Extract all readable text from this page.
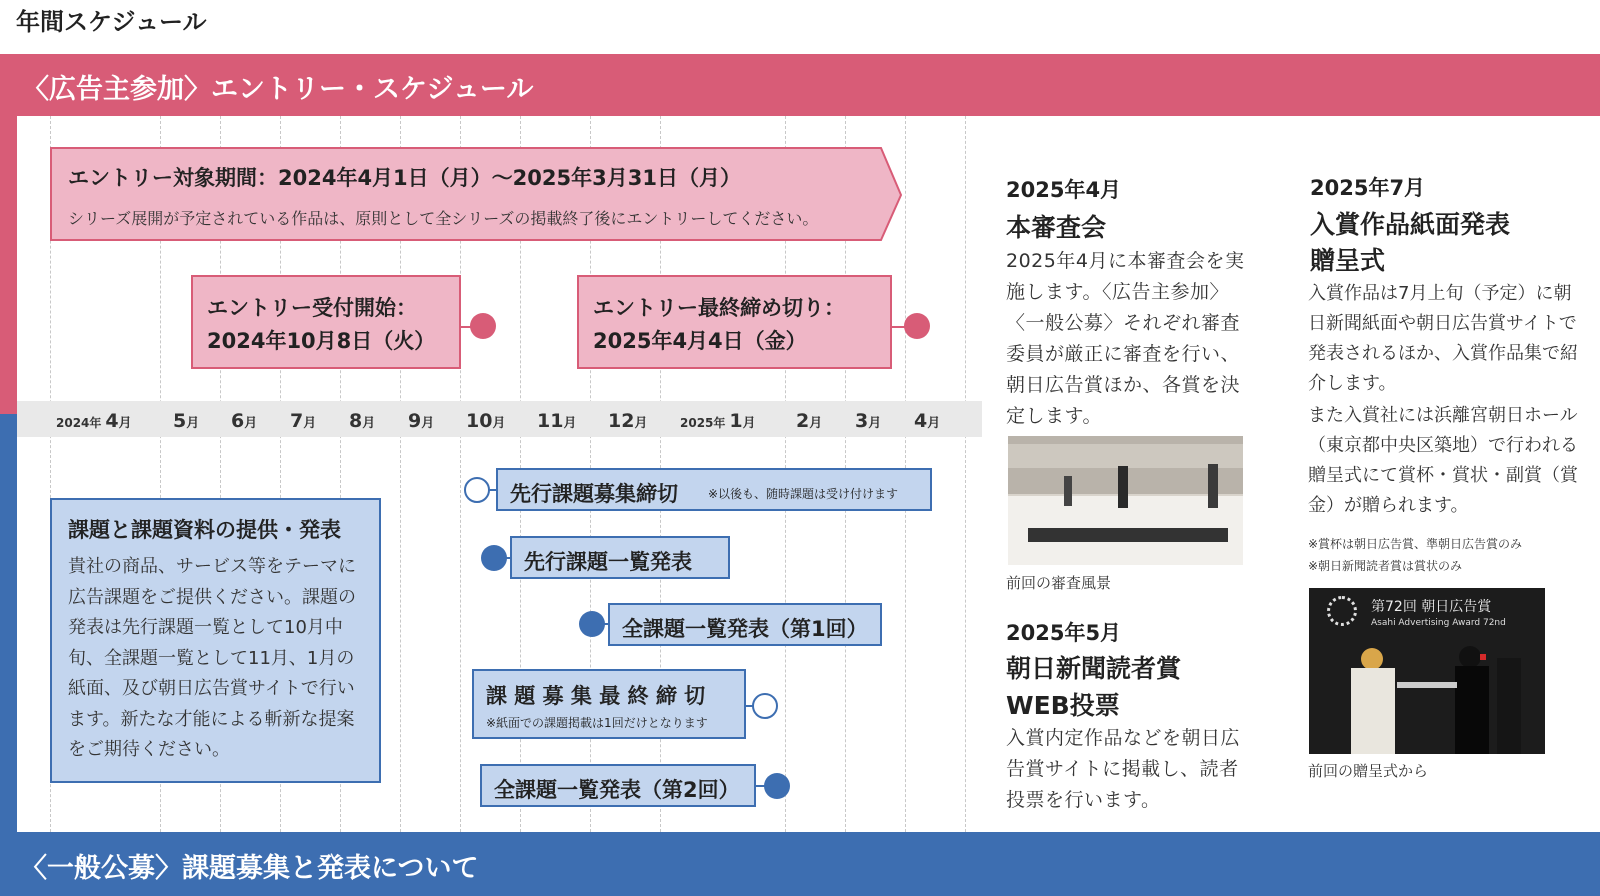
年間スケジュール
〈広告主参加〉エントリー・スケジュール
〈一般公募〉課題募集と発表について
2024年 4月 5月 6月 7月 8月 9月 10月 11月 12月	2025年 1月 2月 3月 4月
エントリー対象期間：2024年4月1日（月）～2025年3月31日（月）
シリーズ展開が予定されている作品は、原則として全シリーズの掲載終了後にエントリーしてください。
エントリー受付開始：
2024年10月8日（火）
エントリー最終締め切り：
2025年4月4日（金）
課題と課題資料の提供・発表
貴社の商品、サービス等をテーマに広告課題をご提供ください。課題の発表は先行課題一覧として10月中旬、全課題一覧として11月、1月の紙面、及び朝日広告賞サイトで行います。新たな才能による斬新な提案をご期待ください。
先行課題募集締切	※以後も、随時課題は受け付けます
先行課題一覧発表
全課題一覧発表（第1回）
課 題 募 集 最 終 締 切
※紙面での課題掲載は1回だけとなります
全課題一覧発表（第2回）
2025年4月
本審査会
2025年4月に本審査会を実施します。〈広告主参加〉〈一般公募〉それぞれ審査委員が厳正に審査を行い、朝日広告賞ほか、各賞を決定します。
前回の審査風景
2025年5月
朝日新聞読者賞
WEB投票
入賞内定作品などを朝日広告賞サイトに掲載し、読者投票を行います。
2025年7月
入賞作品紙面発表
贈呈式
入賞作品は7月上旬（予定）に朝日新聞紙面や朝日広告賞サイトで発表されるほか、入賞作品集で紹介します。
また入賞社には浜離宮朝日ホール（東京都中央区築地）で行われる贈呈式にて賞杯・賞状・副賞（賞金）が贈られます。
※賞杯は朝日広告賞、準朝日広告賞のみ
※朝日新聞読者賞は賞状のみ
第72回 朝日広告賞
Asahi Advertising Award 72nd
前回の贈呈式から
